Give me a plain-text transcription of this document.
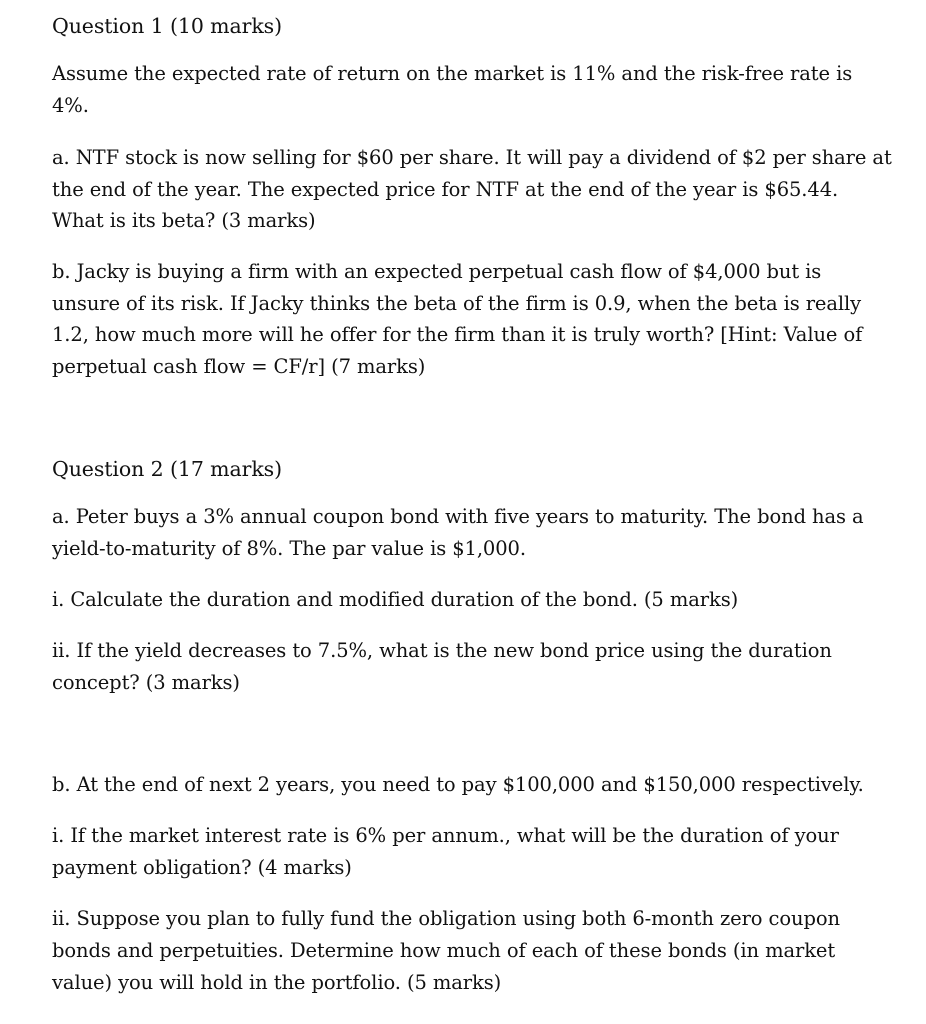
Question 1 (10 marks)
Assume the expected rate of return on the market is 11% and the risk-free rate is
4%.
a. NTF stock is now selling for $60 per share. It will pay a dividend of $2 per share at
the end of the year. The expected price for NTF at the end of the year is $65.44.
What is its beta? (3 marks)
b. Jacky is buying a firm with an expected perpetual cash flow of $4,000 but is
unsure of its risk. If Jacky thinks the beta of the firm is 0.9, when the beta is really
1.2, how much more will he offer for the firm than it is truly worth? [Hint: Value of
perpetual cash flow = CF/r] (7 marks)
Question 2 (17 marks)
a. Peter buys a 3% annual coupon bond with five years to maturity. The bond has a
yield-to-maturity of 8%. The par value is $1,000.
i. Calculate the duration and modified duration of the bond. (5 marks)
ii. If the yield decreases to 7.5%, what is the new bond price using the duration
concept? (3 marks)
b. At the end of next 2 years, you need to pay $100,000 and $150,000 respectively.
i. If the market interest rate is 6% per annum., what will be the duration of your
payment obligation? (4 marks)
ii. Suppose you plan to fully fund the obligation using both 6-month zero coupon
bonds and perpetuities. Determine how much of each of these bonds (in market
value) you will hold in the portfolio. (5 marks)
